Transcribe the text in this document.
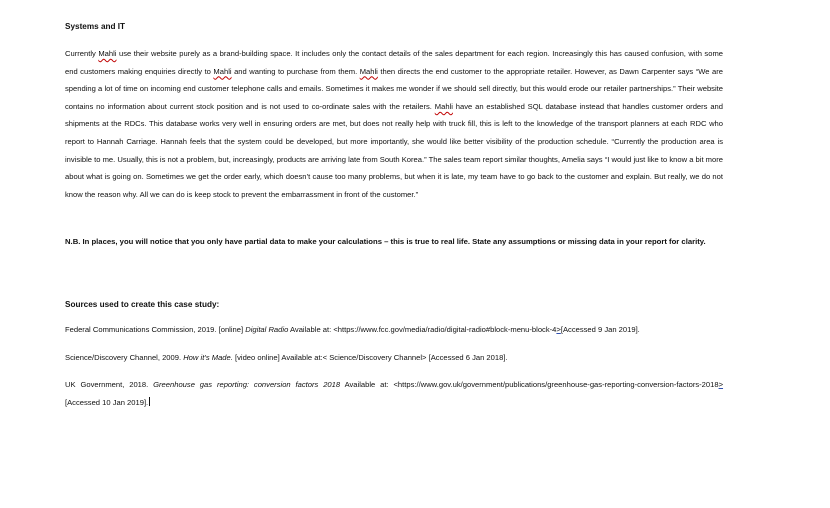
Systems and IT

Currently Mahli use their website purely as a brand-building space. It includes only the contact details of the sales department for each region. Increasingly this has caused confusion, with some end customers making enquiries directly to Mahli and wanting to purchase from them. Mahli then directs the end customer to the appropriate retailer. However, as Dawn Carpenter says “We are spending a lot of time on incoming end customer telephone calls and emails. Sometimes it makes me wonder if we should sell directly, but this would erode our retailer partnerships.” Their website contains no information about current stock position and is not used to co-ordinate sales with the retailers. Mahli have an established SQL database instead that handles customer orders and shipments at the RDCs. This database works very well in ensuring orders are met, but does not really help with truck fill, this is left to the knowledge of the transport planners at each RDC who report to Hannah Carriage. Hannah feels that the system could be developed, but more importantly, she would like better visibility of the production schedule. “Currently the production area is invisible to me. Usually, this is not a problem, but, increasingly, products are arriving late from South Korea.” The sales team report similar thoughts, Amelia says “I would just like to know a bit more about what is going on. Sometimes we get the order early, which doesn’t cause too many problems, but when it is late, my team have to go back to the customer and explain. But really, we do not know the reason why. All we can do is keep stock to prevent the embarrassment in front of the customer.”

N.B. In places, you will notice that you only have partial data to make your calculations – this is true to real life. State any assumptions or missing data in your report for clarity.

Sources used to create this case study:

Federal Communications Commission, 2019. [online] Digital Radio Available at: <https://www.fcc.gov/media/radio/digital-radio#block-menu-block-4>[Accessed 9 Jan 2019].

Science/Discovery Channel, 2009. How it’s Made. [video online] Available at:< Science/Discovery Channel> [Accessed 6 Jan 2018].

UK Government, 2018. Greenhouse gas reporting: conversion factors 2018 Available at: <https://www.gov.uk/government/publications/greenhouse-gas-reporting-conversion-factors-2018>[Accessed 10 Jan 2019].
